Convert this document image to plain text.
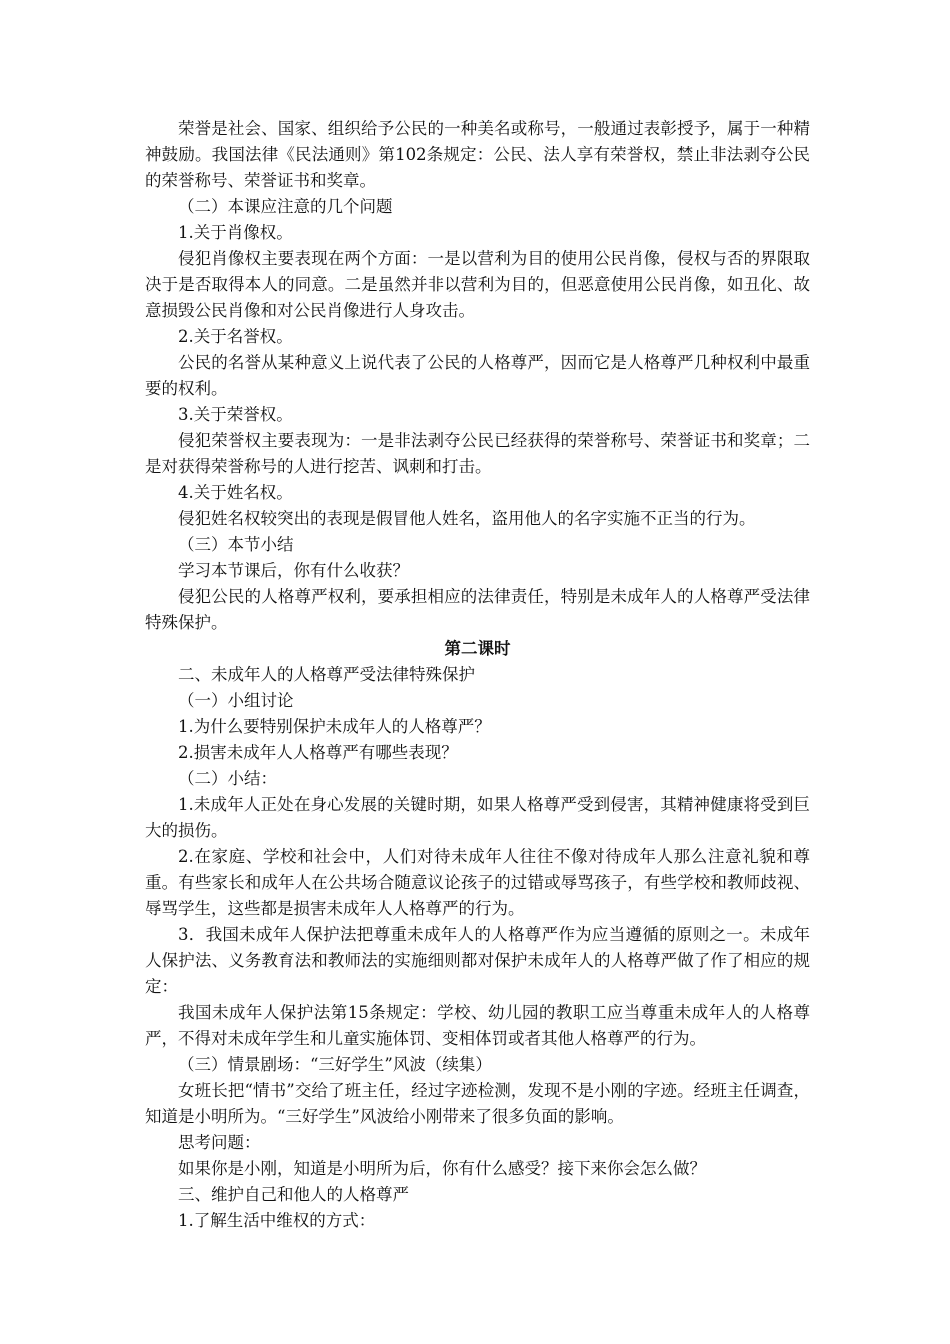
荣誉是社会、国家、组织给予公民的一种美名或称号，一般通过表彰授予，属于一种精神鼓励。我国法律《民法通则》第102条规定：公民、法人享有荣誉权，禁止非法剥夺公民的荣誉称号、荣誉证书和奖章。

（二）本课应注意的几个问题

1.关于肖像权。

侵犯肖像权主要表现在两个方面：一是以营利为目的使用公民肖像，侵权与否的界限取决于是否取得本人的同意。二是虽然并非以营利为目的，但恶意使用公民肖像，如丑化、故意损毁公民肖像和对公民肖像进行人身攻击。

2.关于名誉权。

公民的名誉从某种意义上说代表了公民的人格尊严，因而它是人格尊严几种权利中最重要的权利。

3.关于荣誉权。

侵犯荣誉权主要表现为：一是非法剥夺公民已经获得的荣誉称号、荣誉证书和奖章；二是对获得荣誉称号的人进行挖苦、讽刺和打击。

4.关于姓名权。

侵犯姓名权较突出的表现是假冒他人姓名，盗用他人的名字实施不正当的行为。

（三）本节小结

学习本节课后，你有什么收获？

侵犯公民的人格尊严权利，要承担相应的法律责任，特别是未成年人的人格尊严受法律特殊保护。

第二课时

二、未成年人的人格尊严受法律特殊保护

（一）小组讨论

1.为什么要特别保护未成年人的人格尊严？

2.损害未成年人人格尊严有哪些表现？

（二）小结：

1.未成年人正处在身心发展的关键时期，如果人格尊严受到侵害，其精神健康将受到巨大的损伤。

2.在家庭、学校和社会中，人们对待未成年人往往不像对待成年人那么注意礼貌和尊重。有些家长和成年人在公共场合随意议论孩子的过错或辱骂孩子，有些学校和教师歧视、辱骂学生，这些都是损害未成年人人格尊严的行为。

3．我国未成年人保护法把尊重未成年人的人格尊严作为应当遵循的原则之一。未成年人保护法、义务教育法和教师法的实施细则都对保护未成年人的人格尊严做了作了相应的规定：

我国未成年人保护法第15条规定：学校、幼儿园的教职工应当尊重未成年人的人格尊严，不得对未成年学生和儿童实施体罚、变相体罚或者其他人格尊严的行为。

（三）情景剧场：“三好学生”风波（续集）

女班长把“情书”交给了班主任，经过字迹检测，发现不是小刚的字迹。经班主任调查，知道是小明所为。“三好学生”风波给小刚带来了很多负面的影响。

思考问题：

如果你是小刚，知道是小明所为后，你有什么感受？接下来你会怎么做？

三、维护自己和他人的人格尊严

1.了解生活中维权的方式：
